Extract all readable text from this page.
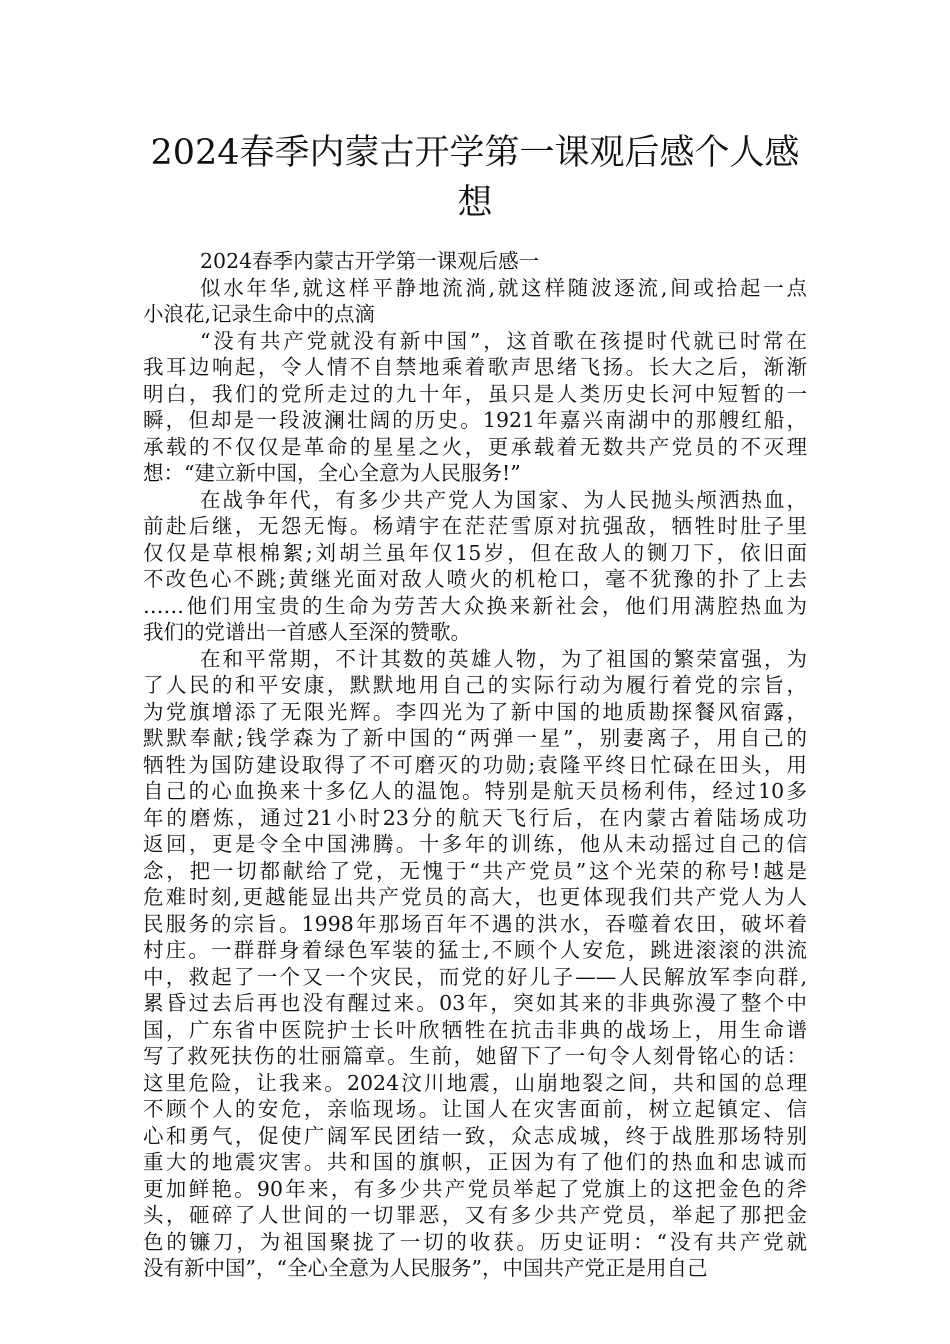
2024春季内蒙古开学第一课观后感个人感
想
2024春季内蒙古开学第一课观后感一
似水年华,就这样平静地流淌,就这样随波逐流,间或拾起一点
小浪花,记录生命中的点滴
“没有共产党就没有新中国”，这首歌在孩提时代就已时常在
我耳边响起，令人情不自禁地乘着歌声思绪飞扬。长大之后，渐渐
明白，我们的党所走过的九十年，虽只是人类历史长河中短暂的一
瞬，但却是一段波澜壮阔的历史。1921年嘉兴南湖中的那艘红船，
承载的不仅仅是革命的星星之火，更承载着无数共产党员的不灭理
想：“建立新中国，全心全意为人民服务!”
在战争年代，有多少共产党人为国家、为人民抛头颅洒热血，
前赴后继，无怨无悔。杨靖宇在茫茫雪原对抗强敌，牺牲时肚子里
仅仅是草根棉絮;刘胡兰虽年仅15岁，但在敌人的铡刀下，依旧面
不改色心不跳;黄继光面对敌人喷火的机枪口，毫不犹豫的扑了上去
……他们用宝贵的生命为劳苦大众换来新社会，他们用满腔热血为
我们的党谱出一首感人至深的赞歌。
在和平常期，不计其数的英雄人物，为了祖国的繁荣富强，为
了人民的和平安康，默默地用自己的实际行动为履行着党的宗旨，
为党旗增添了无限光辉。李四光为了新中国的地质勘探餐风宿露，
默默奉献;钱学森为了新中国的“两弹一星”，别妻离子，用自己的
牺牲为国防建设取得了不可磨灭的功勋;袁隆平终日忙碌在田头，用
自己的心血换来十多亿人的温饱。特别是航天员杨利伟，经过10多
年的磨炼，通过21小时23分的航天飞行后，在内蒙古着陆场成功
返回，更是令全中国沸腾。十多年的训练，他从未动摇过自己的信
念，把一切都献给了党，无愧于“共产党员”这个光荣的称号!越是
危难时刻,更越能显出共产党员的高大，也更体现我们共产党人为人
民服务的宗旨。1998年那场百年不遇的洪水，吞噬着农田，破坏着
村庄。一群群身着绿色军装的猛士,不顾个人安危，跳进滚滚的洪流
中，救起了一个又一个灾民，而党的好儿子——人民解放军李向群,
累昏过去后再也没有醒过来。03年，突如其来的非典弥漫了整个中
国，广东省中医院护士长叶欣牺牲在抗击非典的战场上，用生命谱
写了救死扶伤的壮丽篇章。生前，她留下了一句令人刻骨铭心的话：
这里危险，让我来。2024汶川地震，山崩地裂之间，共和国的总理
不顾个人的安危，亲临现场。让国人在灾害面前，树立起镇定、信
心和勇气，促使广阔军民团结一致，众志成城，终于战胜那场特别
重大的地震灾害。共和国的旗帜，正因为有了他们的热血和忠诚而
更加鲜艳。90年来，有多少共产党员举起了党旗上的这把金色的斧
头，砸碎了人世间的一切罪恶，又有多少共产党员，举起了那把金
色的镰刀，为祖国聚拢了一切的收获。历史证明：“没有共产党就
没有新中国”，“全心全意为人民服务”，中国共产党正是用自己
